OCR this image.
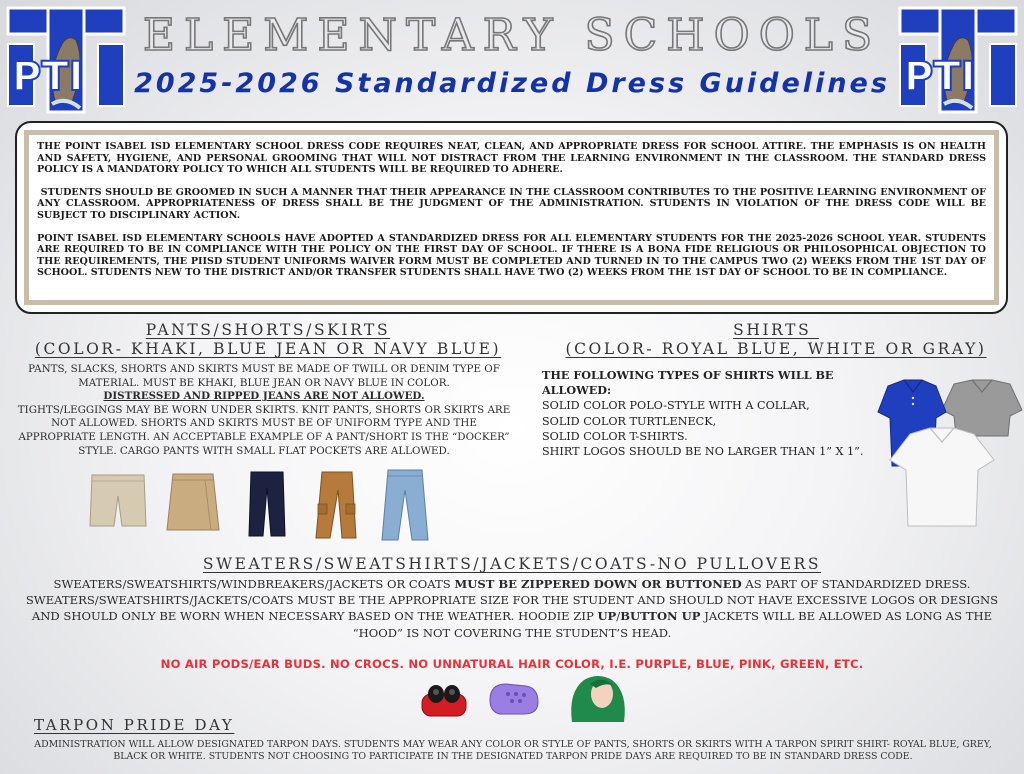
PTI	PTI
ELEMENTARY SCHOOLS
2025-2026 Standardized Dress Guidelines

THE POINT ISABEL ISD ELEMENTARY SCHOOL DRESS CODE REQUIRES NEAT, CLEAN, AND APPROPRIATE DRESS FOR SCHOOL ATTIRE. THE EMPHASIS IS ON HEALTH AND SAFETY, HYGIENE, AND PERSONAL GROOMING THAT WILL NOT DISTRACT FROM THE LEARNING ENVIRONMENT IN THE CLASSROOM. THE STANDARD DRESS POLICY IS A MANDATORY POLICY TO WHICH ALL STUDENTS WILL BE REQUIRED TO ADHERE.

STUDENTS SHOULD BE GROOMED IN SUCH A MANNER THAT THEIR APPEARANCE IN THE CLASSROOM CONTRIBUTES TO THE POSITIVE LEARNING ENVIRONMENT OF ANY CLASSROOM. APPROPRIATENESS OF DRESS SHALL BE THE JUDGMENT OF THE ADMINISTRATION. STUDENTS IN VIOLATION OF THE DRESS CODE WILL BE SUBJECT TO DISCIPLINARY ACTION.

POINT ISABEL ISD ELEMENTARY SCHOOLS HAVE ADOPTED A STANDARDIZED DRESS FOR ALL ELEMENTARY STUDENTS FOR THE 2025-2026 SCHOOL YEAR. STUDENTS ARE REQUIRED TO BE IN COMPLIANCE WITH THE POLICY ON THE FIRST DAY OF SCHOOL. IF THERE IS A BONA FIDE RELIGIOUS OR PHILOSOPHICAL OBJECTION TO THE REQUIREMENTS, THE PIISD STUDENT UNIFORMS WAIVER FORM MUST BE COMPLETED AND TURNED IN TO THE CAMPUS TWO (2) WEEKS FROM THE 1ST DAY OF SCHOOL. STUDENTS NEW TO THE DISTRICT AND/OR TRANSFER STUDENTS SHALL HAVE TWO (2) WEEKS FROM THE 1ST DAY OF SCHOOL TO BE IN COMPLIANCE.

PANTS/SHORTS/SKIRTS
(COLOR- KHAKI, BLUE JEAN OR NAVY BLUE)
PANTS, SLACKS, SHORTS AND SKIRTS MUST BE MADE OF TWILL OR DENIM TYPE OF MATERIAL. MUST BE KHAKI, BLUE JEAN OR NAVY BLUE IN COLOR.
DISTRESSED AND RIPPED JEANS ARE NOT ALLOWED.
TIGHTS/LEGGINGS MAY BE WORN UNDER SKIRTS. KNIT PANTS, SHORTS OR SKIRTS ARE NOT ALLOWED. SHORTS AND SKIRTS MUST BE OF UNIFORM TYPE AND THE APPROPRIATE LENGTH. AN ACCEPTABLE EXAMPLE OF A PANT/SHORT IS THE “DOCKER” STYLE. CARGO PANTS WITH SMALL FLAT POCKETS ARE ALLOWED.
SHIRTS
(COLOR- ROYAL BLUE, WHITE OR GRAY)
THE FOLLOWING TYPES OF SHIRTS WILL BE ALLOWED:
SOLID COLOR POLO-STYLE WITH A COLLAR,
SOLID COLOR TURTLENECK,
SOLID COLOR T-SHIRTS.
SHIRT LOGOS SHOULD BE NO LARGER THAN 1” X 1”.
SWEATERS/SWEATSHIRTS/JACKETS/COATS-NO PULLOVERS
SWEATERS/SWEATSHIRTS/WINDBREAKERS/JACKETS OR COATS MUST BE ZIPPERED DOWN OR BUTTONED AS PART OF STANDARDIZED DRESS. SWEATERS/SWEATSHIRTS/JACKETS/COATS MUST BE THE APPROPRIATE SIZE FOR THE STUDENT AND SHOULD NOT HAVE EXCESSIVE LOGOS OR DESIGNS AND SHOULD ONLY BE WORN WHEN NECESSARY BASED ON THE WEATHER. HOODIE ZIP UP/BUTTON UP JACKETS WILL BE ALLOWED AS LONG AS THE “HOOD” IS NOT COVERING THE STUDENT’S HEAD.
NO AIR PODS/EAR BUDS. NO CROCS. NO UNNATURAL HAIR COLOR, I.E. PURPLE, BLUE, PINK, GREEN, ETC.
TARPON PRIDE DAY
ADMINISTRATION WILL ALLOW DESIGNATED TARPON DAYS. STUDENTS MAY WEAR ANY COLOR OR STYLE OF PANTS, SHORTS OR SKIRTS WITH A TARPON SPIRIT SHIRT- ROYAL BLUE, GREY, BLACK OR WHITE. STUDENTS NOT CHOOSING TO PARTICIPATE IN THE DESIGNATED TARPON PRIDE DAYS ARE REQUIRED TO BE IN STANDARD DRESS CODE.
